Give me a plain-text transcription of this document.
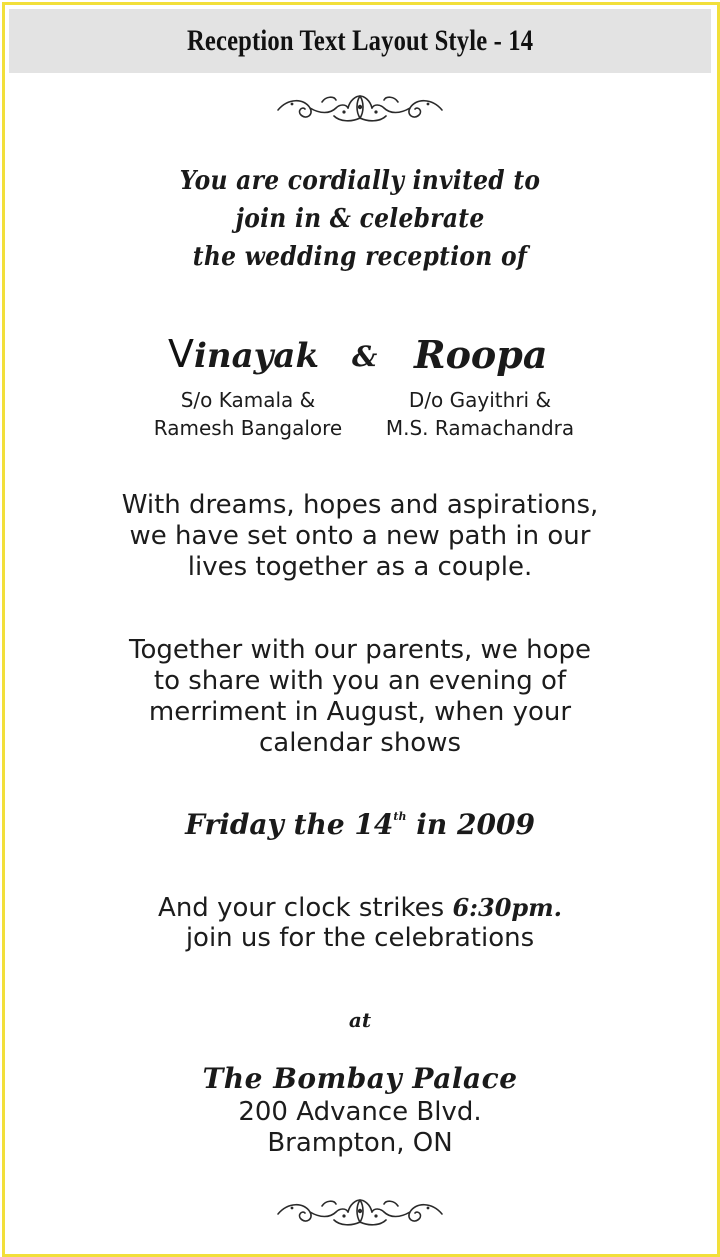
Reception Text Layout Style - 14
You are cordially invited to
join in & celebrate
the wedding reception of
Vinayak & Roopa
S/o Kamala &
Ramesh Bangalore
D/o Gayithri &
M.S. Ramachandra
With dreams, hopes and aspirations,
we have set onto a new path in our
lives together as a couple.
Together with our parents, we hope
to share with you an evening of
merriment in August, when your
calendar shows
Friday the 14th in 2009
And your clock strikes 6:30pm.
join us for the celebrations
at
The Bombay Palace
200 Advance Blvd.
Brampton, ON
